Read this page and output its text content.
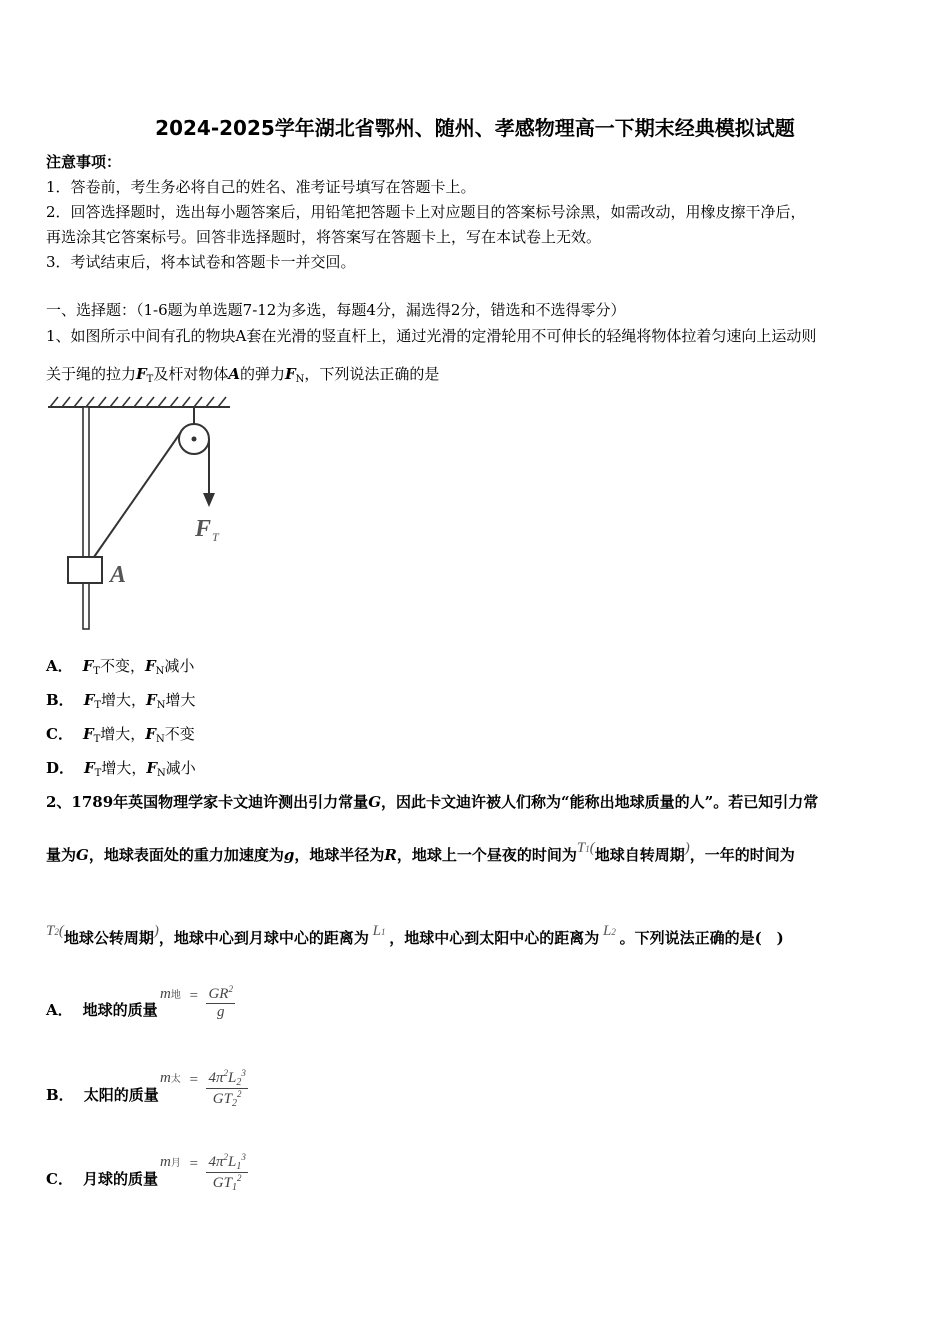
2024-2025学年湖北省鄂州、随州、孝感物理高一下期末经典模拟试题
注意事项：
1．答卷前，考生务必将自己的姓名、准考证号填写在答题卡上。
2．回答选择题时，选出每小题答案后，用铅笔把答题卡上对应题目的答案标号涂黑，如需改动，用橡皮擦干净后，
再选涂其它答案标号。回答非选择题时，将答案写在答题卡上，写在本试卷上无效。
3．考试结束后，将本试卷和答题卡一并交回。
一、选择题：（1-6题为单选题7-12为多选，每题4分，漏选得2分，错选和不选得零分）
1、如图所示中间有孔的物块A套在光滑的竖直杆上，通过光滑的定滑轮用不可伸长的轻绳将物体拉着匀速向上运动则
关于绳的拉力$F_T$及杆对物体A的弹力$F_N$，下列说法正确的是
F T
A
A． $F_T$不变，$F_N$减小
B． $F_T$增大，$F_N$增大
C． $F_T$增大，$F_N$不变
D． $F_T$增大，$F_N$减小
2、1789年英国物理学家卡文迪许测出引力常量G，因此卡文迪许被人们称为“能称出地球质量的人”。若已知引力常
量为G，地球表面处的重力加速度为g，地球半径为R，地球上一个昼夜的时间为T1(地球自转周期)，一年的时间为
T2(地球公转周期)，地球中心到月球中心的距离为 L1 ，地球中心到太阳中心的距离为 L2 。下列说法正确的是(　)
A． 地球的质量
m地 = $\frac{GR^2}{g}$
B． 太阳的质量
m太 = $\frac{4\pi^2L_2^3}{GT_2^2}$
C． 月球的质量
m月 = $\frac{4\pi^2L_1^3}{GT_1^2}$
